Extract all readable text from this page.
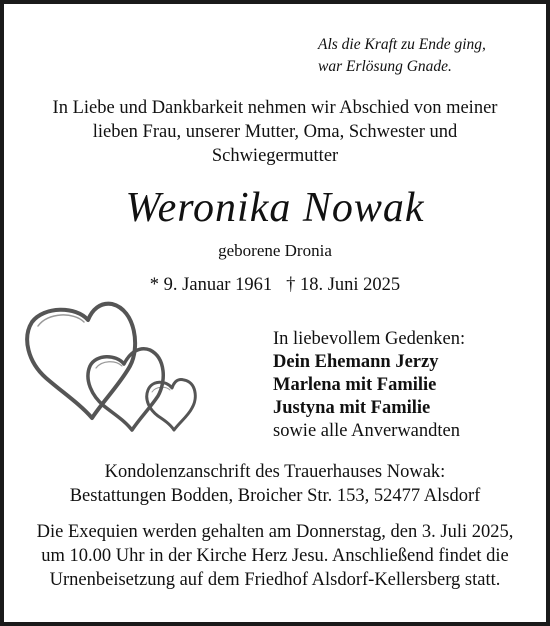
Als die Kraft zu Ende ging,
war Erlösung Gnade.
In Liebe und Dankbarkeit nehmen wir Abschied von meiner
lieben Frau, unserer Mutter, Oma, Schwester und
Schwiegermutter
Weronika Nowak
geborene Dronia
* 9. Januar 1961 † 18. Juni 2025
In liebevollem Gedenken:
Dein Ehemann Jerzy
Marlena mit Familie
Justyna mit Familie
sowie alle Anverwandten
Kondolenzanschrift des Trauerhauses Nowak:
Bestattungen Bodden, Broicher Str. 153, 52477 Alsdorf
Die Exequien werden gehalten am Donnerstag, den 3. Juli 2025,
um 10.00 Uhr in der Kirche Herz Jesu. Anschließend findet die
Urnenbeisetzung auf dem Friedhof Alsdorf-Kellersberg statt.
